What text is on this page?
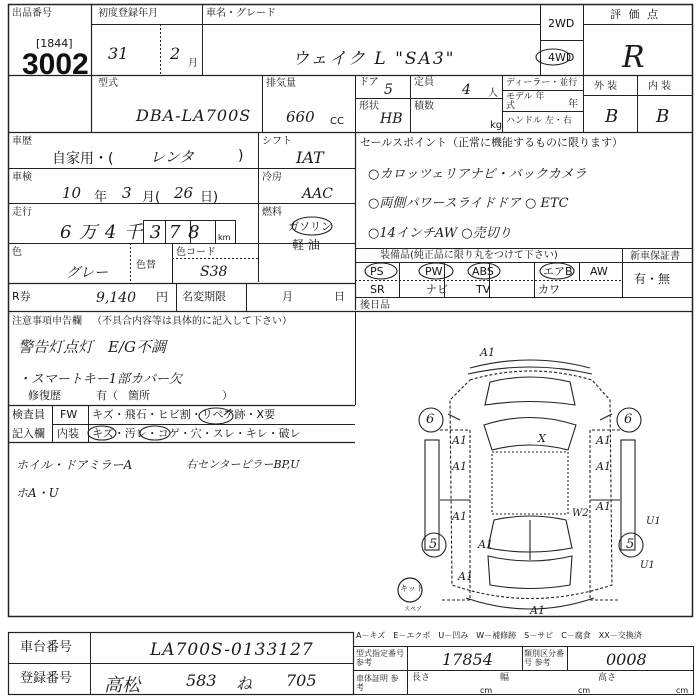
出品番号
[1844]
3002
初度登録年月
31	2
月
車名・グレード
ウェイク L "SA3"
2WD
4WD
評 価 点
R
型式
DBA-LA700S
排気量
660 CC
ドア 5 定員 4 人
形状
HB
積数
kg
ディーラー・並行
モデル 年式	年
ハンドル 左・右
外 装	内 装
B B
車歴
自家用・( レンタ	)
シフト
IAT
車検
10 年 3 月( 26 日)
冷房
AAC
走行
6 万 4 千 3 7 8 km
燃料
ガソリン
軽 油
色
グレー	色替
色コード
S38
セールスポイント（正常に機能するものに限ります）
○カロッツェリアナビ・バックカメラ
○両側パワースライドドア ○ ETC
○14インチAW ○売切り
装備品(純正品に限り丸をつけて下さい)
PS	PW	ABS	エアB AW
SR	ナビ	TV	カワ
新車保証書
有・無
R券	9,140 円 名変期限	月	日
後日品
注意事項申告欄 （不具合内容等は具体的に記入して下さい）
警告灯点灯　E/G不調
・スマートキー1部カバー欠
修復歴	有（ 箇所	）
検査員
記入欄
FW キズ・飛石・ヒビ割・リペア跡・X要
内装 キズ・汚レ・コゲ・穴・スレ・キレ・破レ
ホイル・ドアミラーA
ホA・U
右センターピラーBP,U
A1
A1	A1
A1	A1
A1
A1
A1
X
W2
U1
U1
A1
A1
6	6
5	5
キット
スペア
A－キズ　E－エクボ　U－凹み　W－補修跡　S－サビ　C－腐食　XX－交換済
車台番号	LA700S-0133127
登録番号 高松	583 ね 705
型式指定番号 参考	17854	類別区分番号 参考	0008
車体証明 参考
長さ
cm
幅
cm
高さ
cm
